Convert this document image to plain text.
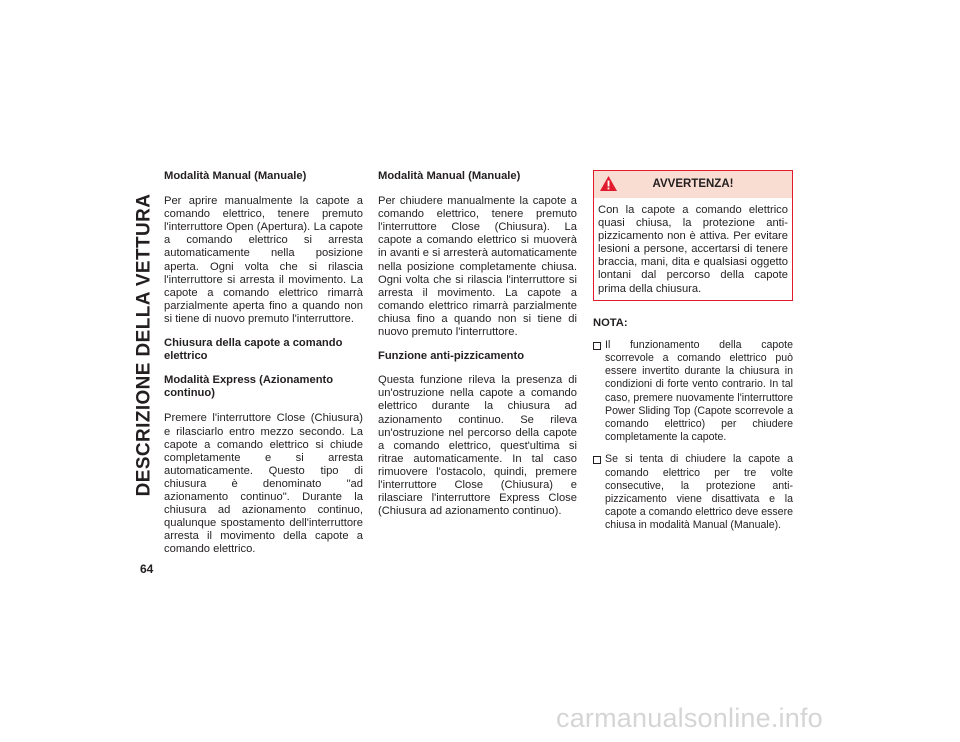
DESCRIZIONE DELLA VETTURA
64
Modalità Manual (Manuale)

Per aprire manualmente la capote a comando elettrico, tenere premuto l'interruttore Open (Apertura). La capote a comando elettrico si arresta automaticamente nella posizione aperta. Ogni volta che si rilascia l'interruttore si arresta il movimento. La capote a comando elettrico rimarrà parzialmente aperta fino a quando non si tiene di nuovo premuto l'interruttore.

Chiusura della capote a comando elettrico
Modalità Express (Azionamento continuo)

Premere l'interruttore Close (Chiusura) e rilasciarlo entro mezzo secondo. La capote a comando elettrico si chiude completamente e si arresta automaticamente. Questo tipo di chiusura è denominato "ad azionamento continuo". Durante la chiusura ad azionamento continuo, qualunque spostamento dell'interruttore arresta il movimento della capote a comando elettrico.

Modalità Manual (Manuale)

Per chiudere manualmente la capote a comando elettrico, tenere premuto l'interruttore Close (Chiusura). La capote a comando elettrico si muoverà in avanti e si arresterà automaticamente nella posizione completamente chiusa. Ogni volta che si rilascia l'interruttore si arresta il movimento. La capote a comando elettrico rimarrà parzialmente chiusa fino a quando non si tiene di nuovo premuto l'interruttore.

Funzione anti-pizzicamento

Questa funzione rileva la presenza di un'ostruzione nella capote a comando elettrico durante la chiusura ad azionamento continuo. Se rileva un'ostruzione nel percorso della capote a comando elettrico, quest'ultima si ritrae automaticamente. In tal caso rimuovere l'ostacolo, quindi, premere l'interruttore Close (Chiusura) e rilasciare l'interruttore Express Close (Chiusura ad azionamento continuo).

AVVERTENZA!

Con la capote a comando elettrico quasi chiusa, la protezione anti-pizzicamento non è attiva. Per evitare lesioni a persone, accertarsi di tenere braccia, mani, dita e qualsiasi oggetto lontani dal percorso della capote prima della chiusura.

NOTA:
Il funzionamento della capote scorrevole a comando elettrico può essere invertito durante la chiusura in condizioni di forte vento contrario. In tal caso, premere nuovamente l'interruttore Power Sliding Top (Capote scorrevole a comando elettrico) per chiudere completamente la capote.
Se si tenta di chiudere la capote a comando elettrico per tre volte consecutive, la protezione anti-pizzicamento viene disattivata e la capote a comando elettrico deve essere chiusa in modalità Manual (Manuale).
carmanualsonline.info
